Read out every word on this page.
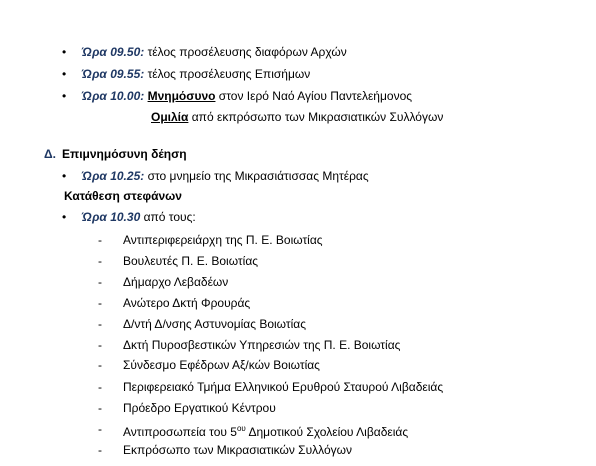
•
Ώρα 09.50: τέλος προσέλευσης διαφόρων Αρχών
•
Ώρα 09.55: τέλος προσέλευσης Επισήμων
•
Ώρα 10.00: Μνημόσυνο στον Ιερό Ναό Αγίου Παντελεήμονος
Ομιλία από εκπρόσωπο των Μικρασιατικών Συλλόγων
Δ. Επιμνημόσυνη δέηση
•
Ώρα 10.25: στο μνημείο της Μικρασιάτισσας Μητέρας
Κατάθεση στεφάνων
•
Ώρα 10.30 από τους:
- Αντιπεριφερειάρχη της Π. Ε. Βοιωτίας
- Βουλευτές Π. Ε. Βοιωτίας
- Δήμαρχο Λεβαδέων
- Ανώτερο Δκτή Φρουράς
- Δ/ντή Δ/νσης Αστυνομίας Βοιωτίας
- Δκτή Πυροσβεστικών Υπηρεσιών της Π. Ε. Βοιωτίας
- Σύνδεσμο Εφέδρων Αξ/κών Βοιωτίας
- Περιφερειακό Τμήμα Ελληνικού Ερυθρού Σταυρού Λιβαδειάς
- Πρόεδρο Εργατικού Κέντρου
- Αντιπροσωπεία του $5^{o\upsilon}$ Δημοτικού Σχολείου Λιβαδειάς
- Εκπρόσωπο των Μικρασιατικών Συλλόγων
